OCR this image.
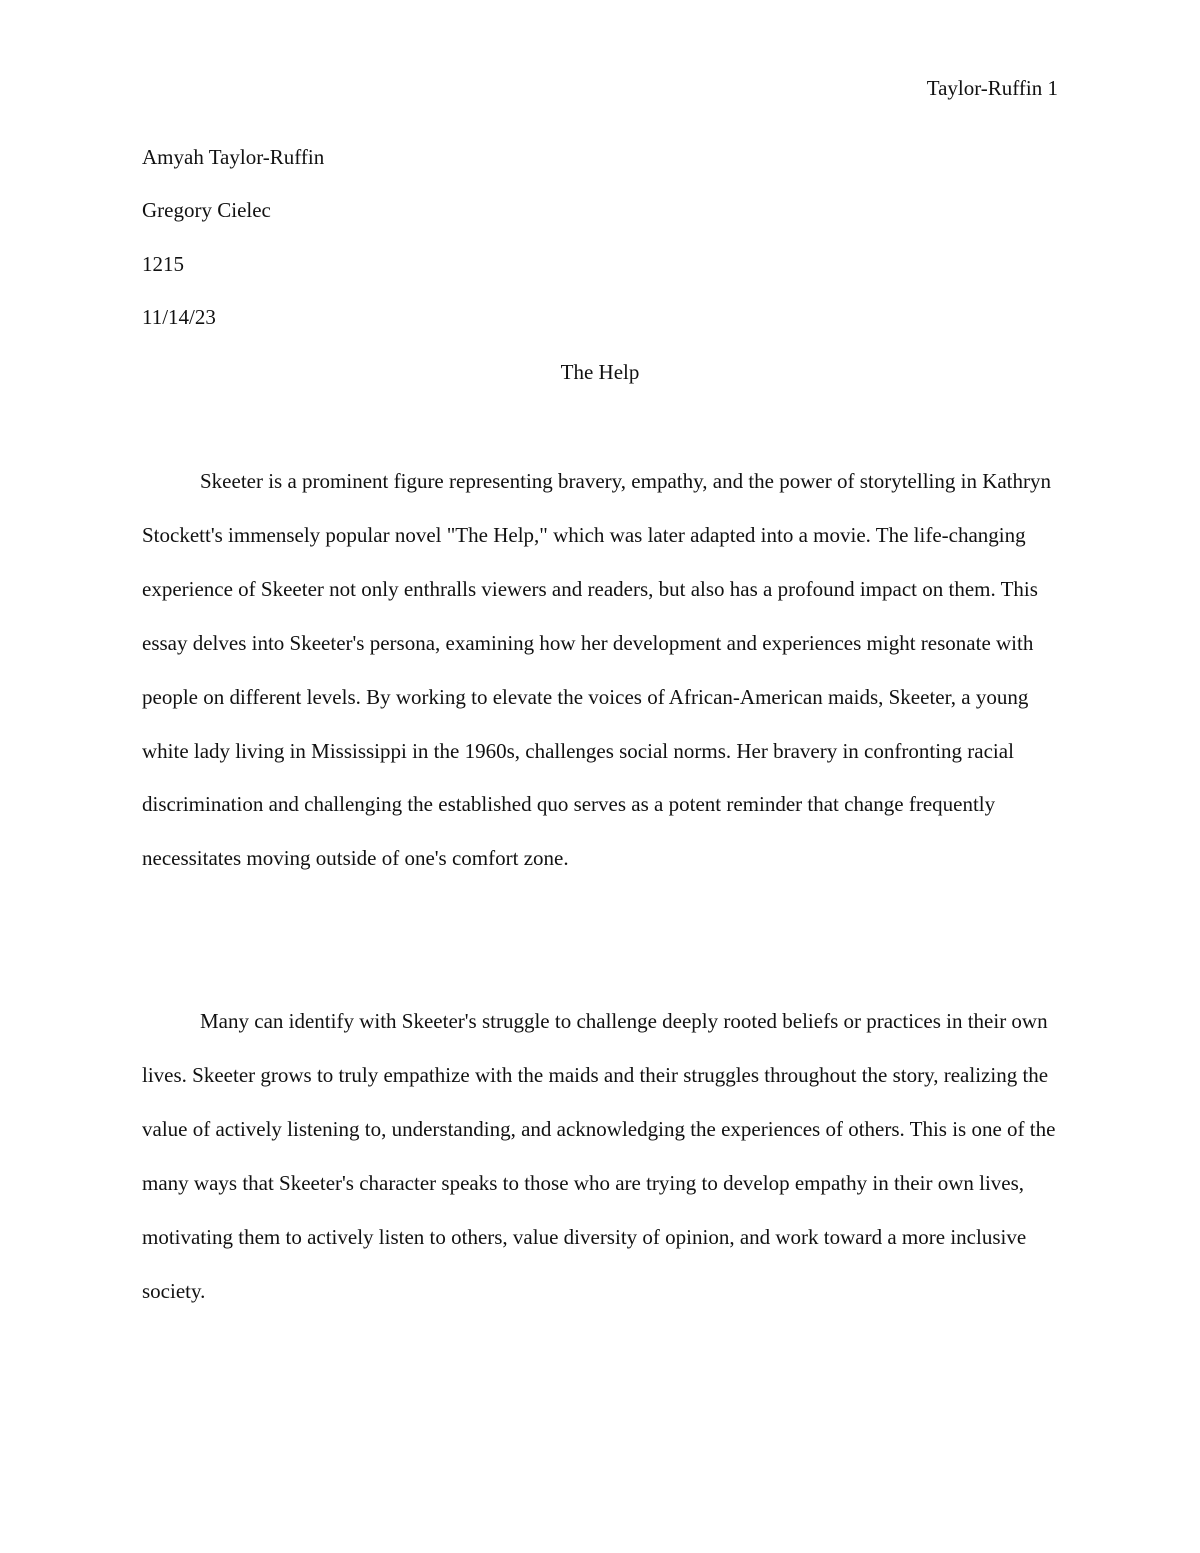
Taylor-Ruffin 1
Amyah Taylor-Ruffin
Gregory Cielec
1215
11/14/23
The Help

Skeeter is a prominent figure representing bravery, empathy, and the power of storytelling in Kathryn Stockett's immensely popular novel "The Help," which was later adapted into a movie. The life-changing experience of Skeeter not only enthralls viewers and readers, but also has a profound impact on them. This essay delves into Skeeter's persona, examining how her development and experiences might resonate with people on different levels. By working to elevate the voices of African-American maids, Skeeter, a young white lady living in Mississippi in the 1960s, challenges social norms. Her bravery in confronting racial discrimination and challenging the established quo serves as a potent reminder that change frequently necessitates moving outside of one's comfort zone.

Many can identify with Skeeter's struggle to challenge deeply rooted beliefs or practices in their own lives. Skeeter grows to truly empathize with the maids and their struggles throughout the story, realizing the value of actively listening to, understanding, and acknowledging the experiences of others. This is one of the many ways that Skeeter's character speaks to those who are trying to develop empathy in their own lives, motivating them to actively listen to others, value diversity of opinion, and work toward a more inclusive society.
